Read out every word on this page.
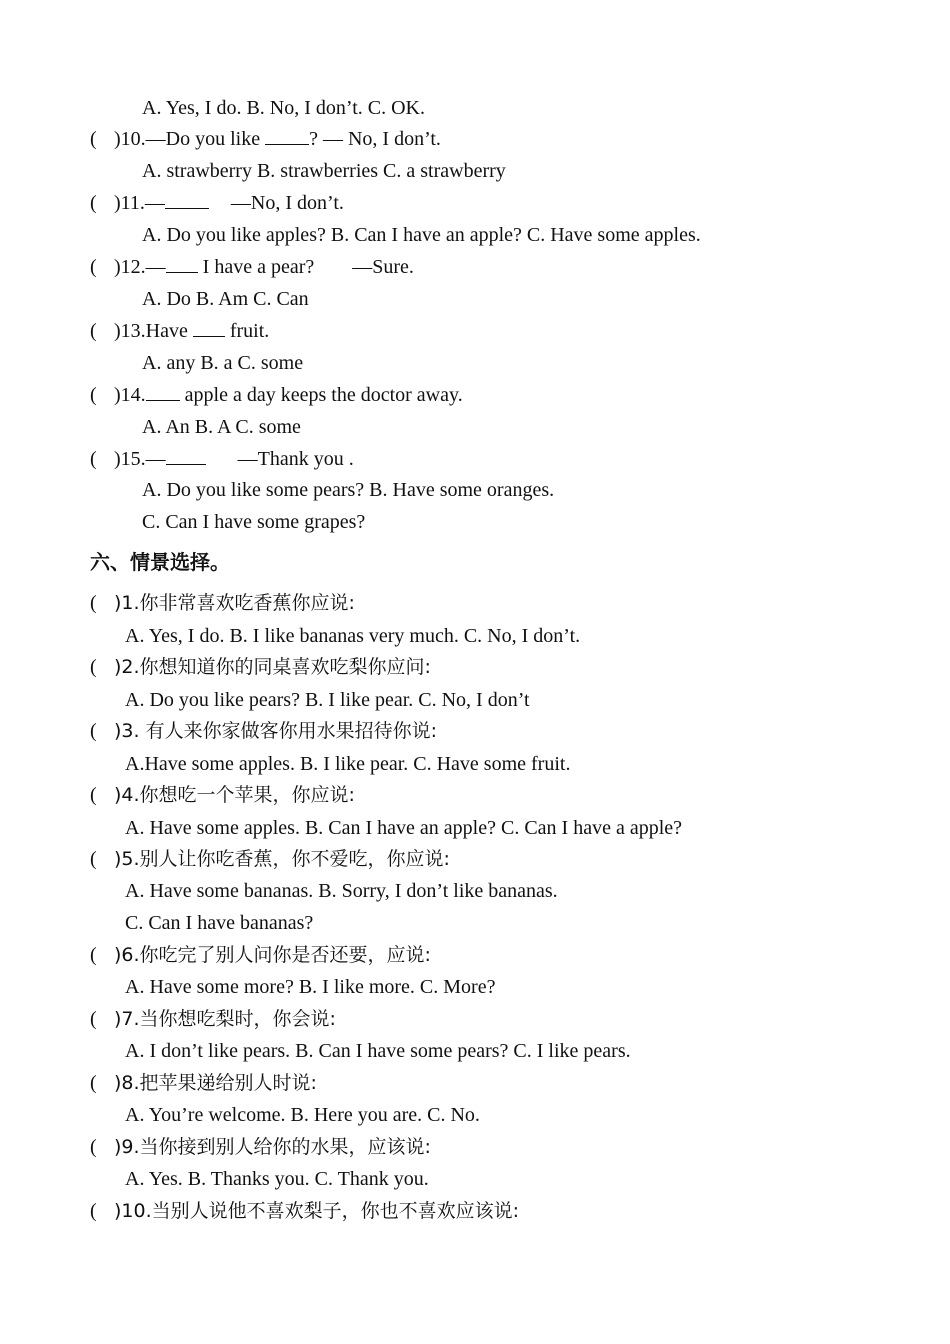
A. Yes, I do. B. No, I don’t. C. OK.
( )10.—Do you like ? — No, I don’t.
A. strawberry B. strawberries C. a strawberry
( )11.—	—No, I don’t.
A. Do you like apples? B. Can I have an apple? C. Have some apples.
( )12.— I have a pear? —Sure.
A. Do B. Am C. Can
( )13.Have  fruit.
A. any B. a C. some
( )14. apple a day keeps the doctor away.
A. An B. A C. some
( )15.—	—Thank you .
A. Do you like some pears? B. Have some oranges.
C. Can I have some grapes?
六、情景选择。
( )1.你非常喜欢吃香蕉你应说:
A. Yes, I do. B. I like bananas very much. C. No, I don’t.
( )2.你想知道你的同桌喜欢吃梨你应问:
A. Do you like pears? B. I like pear. C. No, I don’t
( )3. 有人来你家做客你用水果招待你说:
A.Have some apples. B. I like pear. C. Have some fruit.
( )4.你想吃一个苹果，你应说:
A. Have some apples. B. Can I have an apple? C. Can I have a apple?
( )5.别人让你吃香蕉，你不爱吃，你应说:
A. Have some bananas. B. Sorry, I don’t like bananas.
C. Can I have bananas?
( )6.你吃完了别人问你是否还要，应说:
A. Have some more? B. I like more. C. More?
( )7.当你想吃梨时，你会说:
A. I don’t like pears. B. Can I have some pears? C. I like pears.
( )8.把苹果递给别人时说:
A. You’re welcome. B. Here you are. C. No.
( )9.当你接到别人给你的水果，应该说:
A. Yes. B. Thanks you. C. Thank you.
( )10.当别人说他不喜欢梨子，你也不喜欢应该说:
